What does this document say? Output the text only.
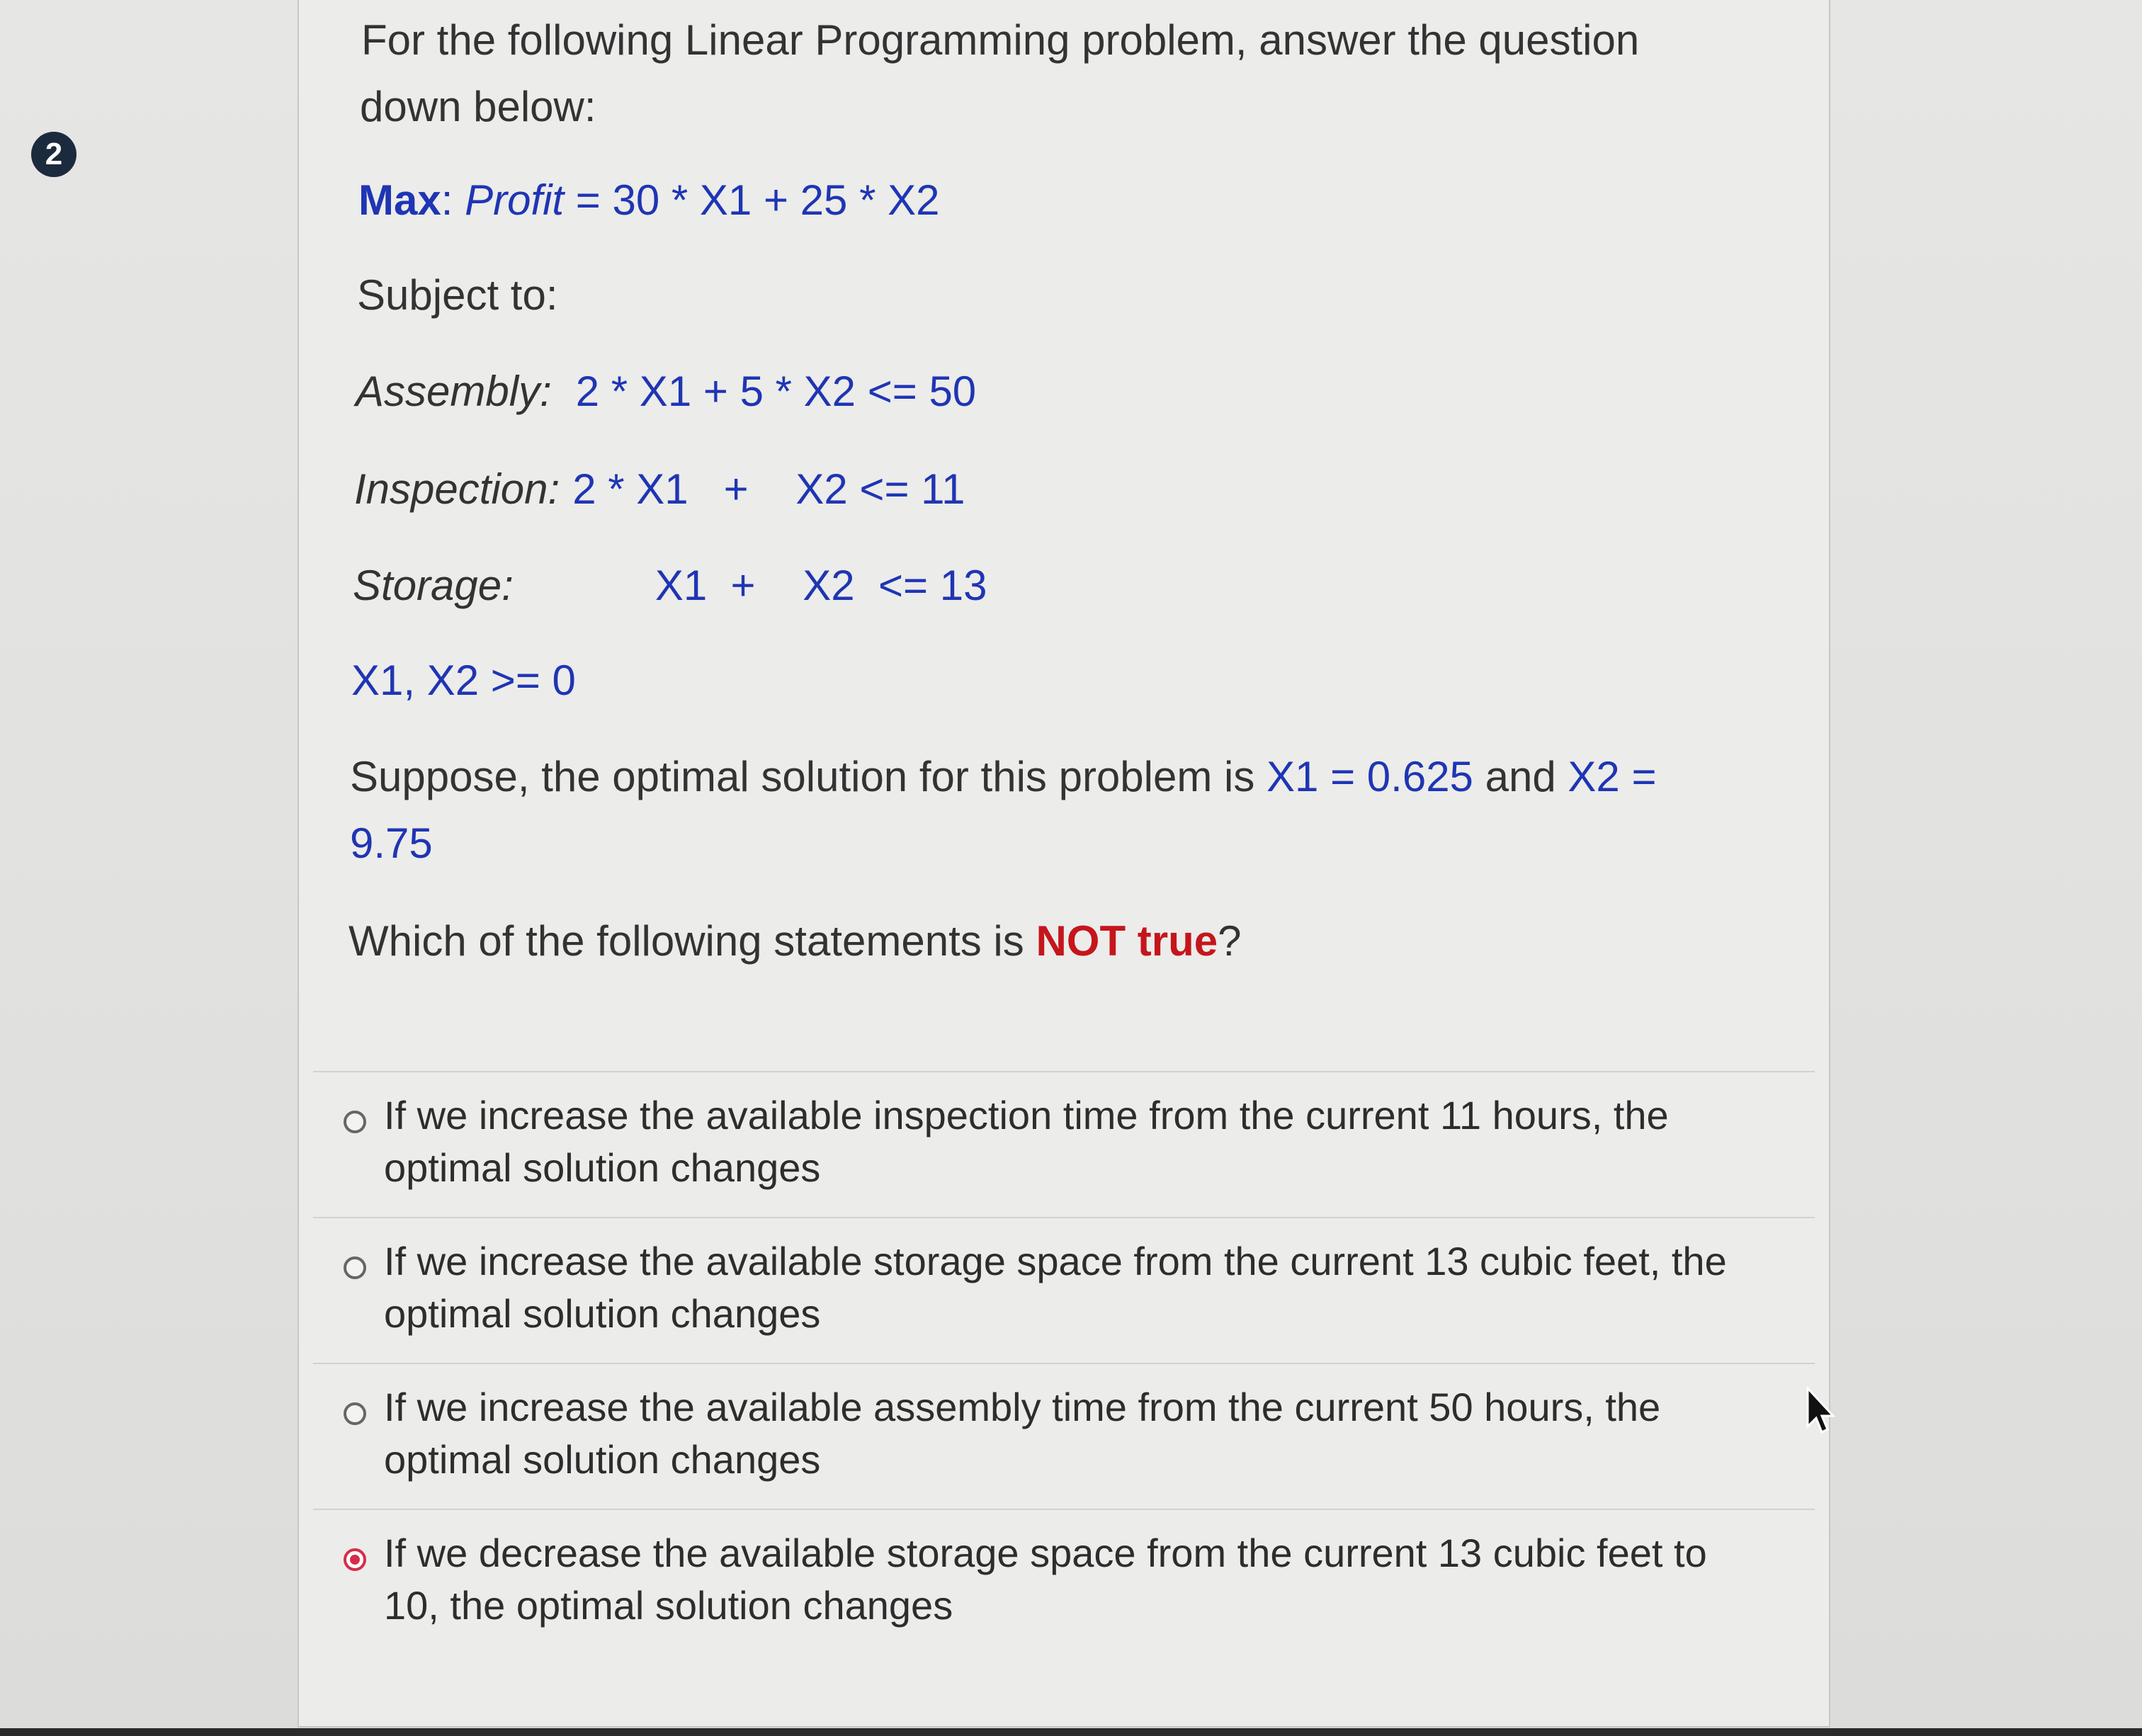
2
For the following Linear Programming problem, answer the question
down below:
Max: Profit = 30 * X1 + 25 * X2
Subject to:
Assembly: 2 * X1 + 5 * X2 <= 50
Inspection: 2 * X1   +    X2 <= 11
Storage:	X1  +    X2  <= 13
X1, X2 >= 0
Suppose, the optimal solution for this problem is X1 = 0.625 and X2 =
9.75
Which of the following statements is NOT true?
If we increase the available inspection time from the current 11 hours, the
optimal solution changes
If we increase the available storage space from the current 13 cubic feet, the
optimal solution changes
If we increase the available assembly time from the current 50 hours, the
optimal solution changes
If we decrease the available storage space from the current 13 cubic feet to
10, the optimal solution changes
